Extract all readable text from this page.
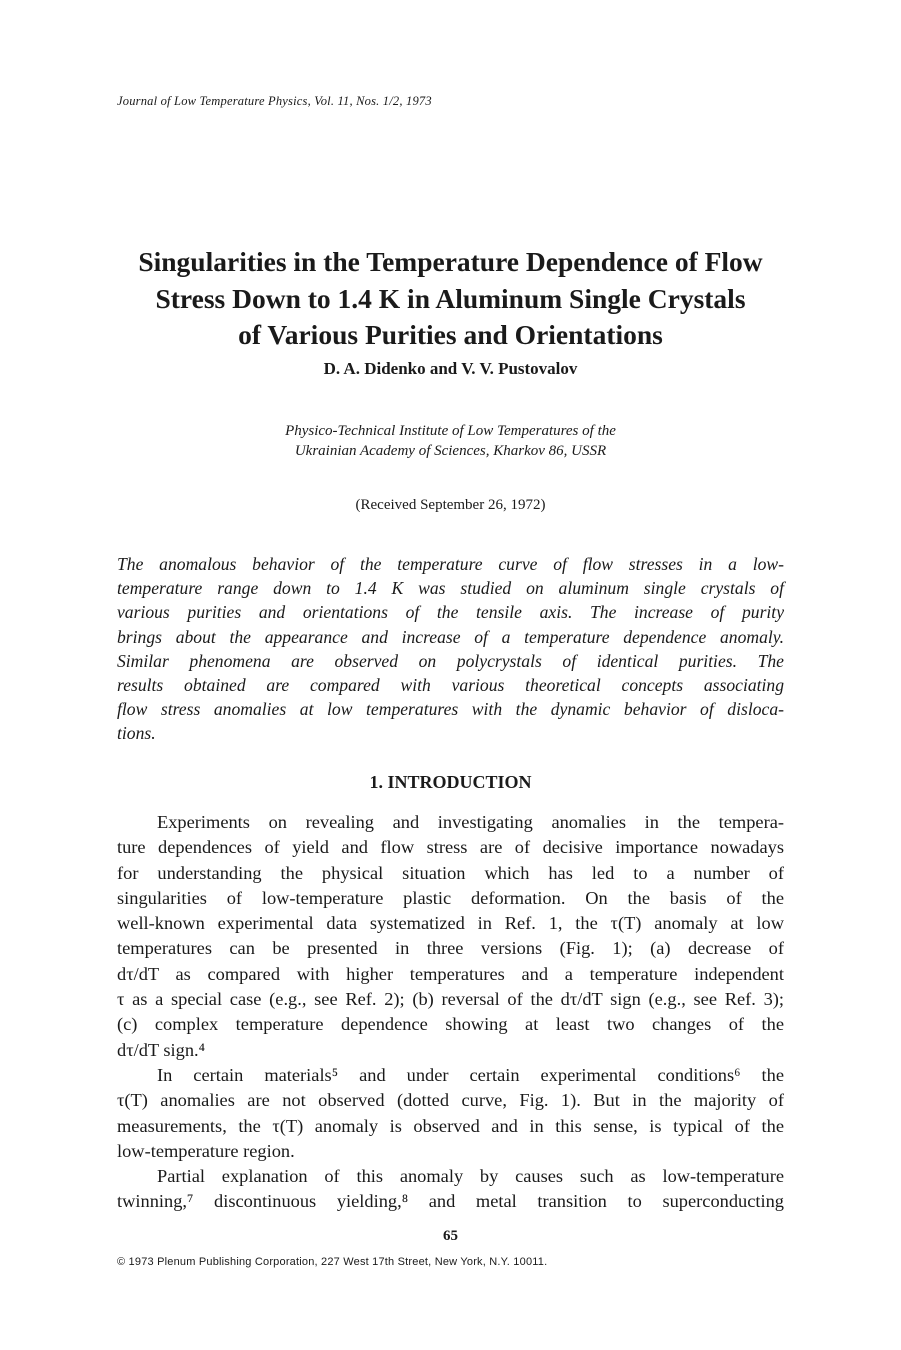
Journal of Low Temperature Physics, Vol. 11, Nos. 1/2, 1973
Singularities in the Temperature Dependence of Flow
Stress Down to 1.4 K in Aluminum Single Crystals
of Various Purities and Orientations
D. A. Didenko and V. V. Pustovalov
Physico-Technical Institute of Low Temperatures of the
Ukrainian Academy of Sciences, Kharkov 86, USSR
(Received September 26, 1972)
The anomalous behavior of the temperature curve of flow stresses in a low-
temperature range down to 1.4 K was studied on aluminum single crystals of
various purities and orientations of the tensile axis. The increase of purity
brings about the appearance and increase of a temperature dependence anomaly.
Similar phenomena are observed on polycrystals of identical purities. The
results obtained are compared with various theoretical concepts associating
flow stress anomalies at low temperatures with the dynamic behavior of disloca-
tions.
1. INTRODUCTION
Experiments on revealing and investigating anomalies in the tempera-
ture dependences of yield and flow stress are of decisive importance nowadays
for understanding the physical situation which has led to a number of
singularities of low-temperature plastic deformation. On the basis of the
well-known experimental data systematized in Ref. 1, the τ(T) anomaly at low
temperatures can be presented in three versions (Fig. 1); (a) decrease of
dτ/dT as compared with higher temperatures and a temperature independent
τ as a special case (e.g., see Ref. 2); (b) reversal of the dτ/dT sign (e.g., see Ref. 3);
(c) complex temperature dependence showing at least two changes of the
dτ/dT sign.⁴
In certain materials⁵ and under certain experimental conditions⁶ the
τ(T) anomalies are not observed (dotted curve, Fig. 1). But in the majority of
measurements, the τ(T) anomaly is observed and in this sense, is typical of the
low-temperature region.
Partial explanation of this anomaly by causes such as low-temperature
twinning,⁷ discontinuous yielding,⁸ and metal transition to superconducting
65
© 1973 Plenum Publishing Corporation, 227 West 17th Street, New York, N.Y. 10011.
